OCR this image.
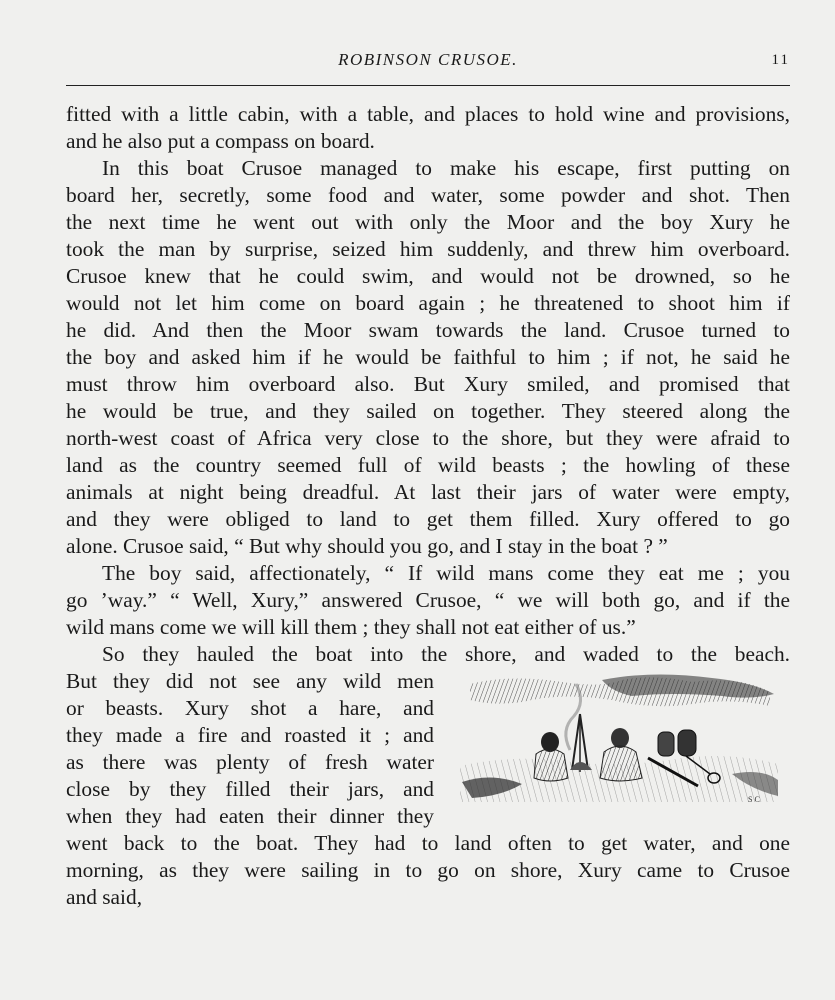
ROBINSON CRUSOE.	11
fitted with a little cabin, with a table, and places to hold wine and provisions,
and he also put a compass on board.
In this boat Crusoe managed to make his escape, first putting on
board her, secretly, some food and water, some powder and shot. Then
the next time he went out with only the Moor and the boy Xury he
took the man by surprise, seized him suddenly, and threw him overboard.
Crusoe knew that he could swim, and would not be drowned, so he
would not let him come on board again ; he threatened to shoot him if
he did. And then the Moor swam towards the land. Crusoe turned to
the boy and asked him if he would be faithful to him ; if not, he said he
must throw him overboard also. But Xury smiled, and promised that
he would be true, and they sailed on together. They steered along the
north-west coast of Africa very close to the shore, but they were afraid to
land as the country seemed full of wild beasts ; the howling of these
animals at night being dreadful. At last their jars of water were empty,
and they were obliged to land to get them filled. Xury offered to go
alone. Crusoe said, “ But why should you go, and I stay in the boat ? ”
The boy said, affectionately, “ If wild mans come they eat me ; you
go ’way.” “ Well, Xury,” answered Crusoe, “ we will both go, and if the
wild mans come we will kill them ; they shall not eat either of us.”
So they hauled the boat into the shore, and waded to the beach.
But they did not see any wild men
or beasts. Xury shot a hare, and
they made a fire and roasted it ; and
as there was plenty of fresh water
close by they filled their jars, and
when they had eaten their dinner they
went back to the boat. They had to land often to get water, and one
morning, as they were sailing in to go on shore, Xury came to Crusoe
and said,
S C
